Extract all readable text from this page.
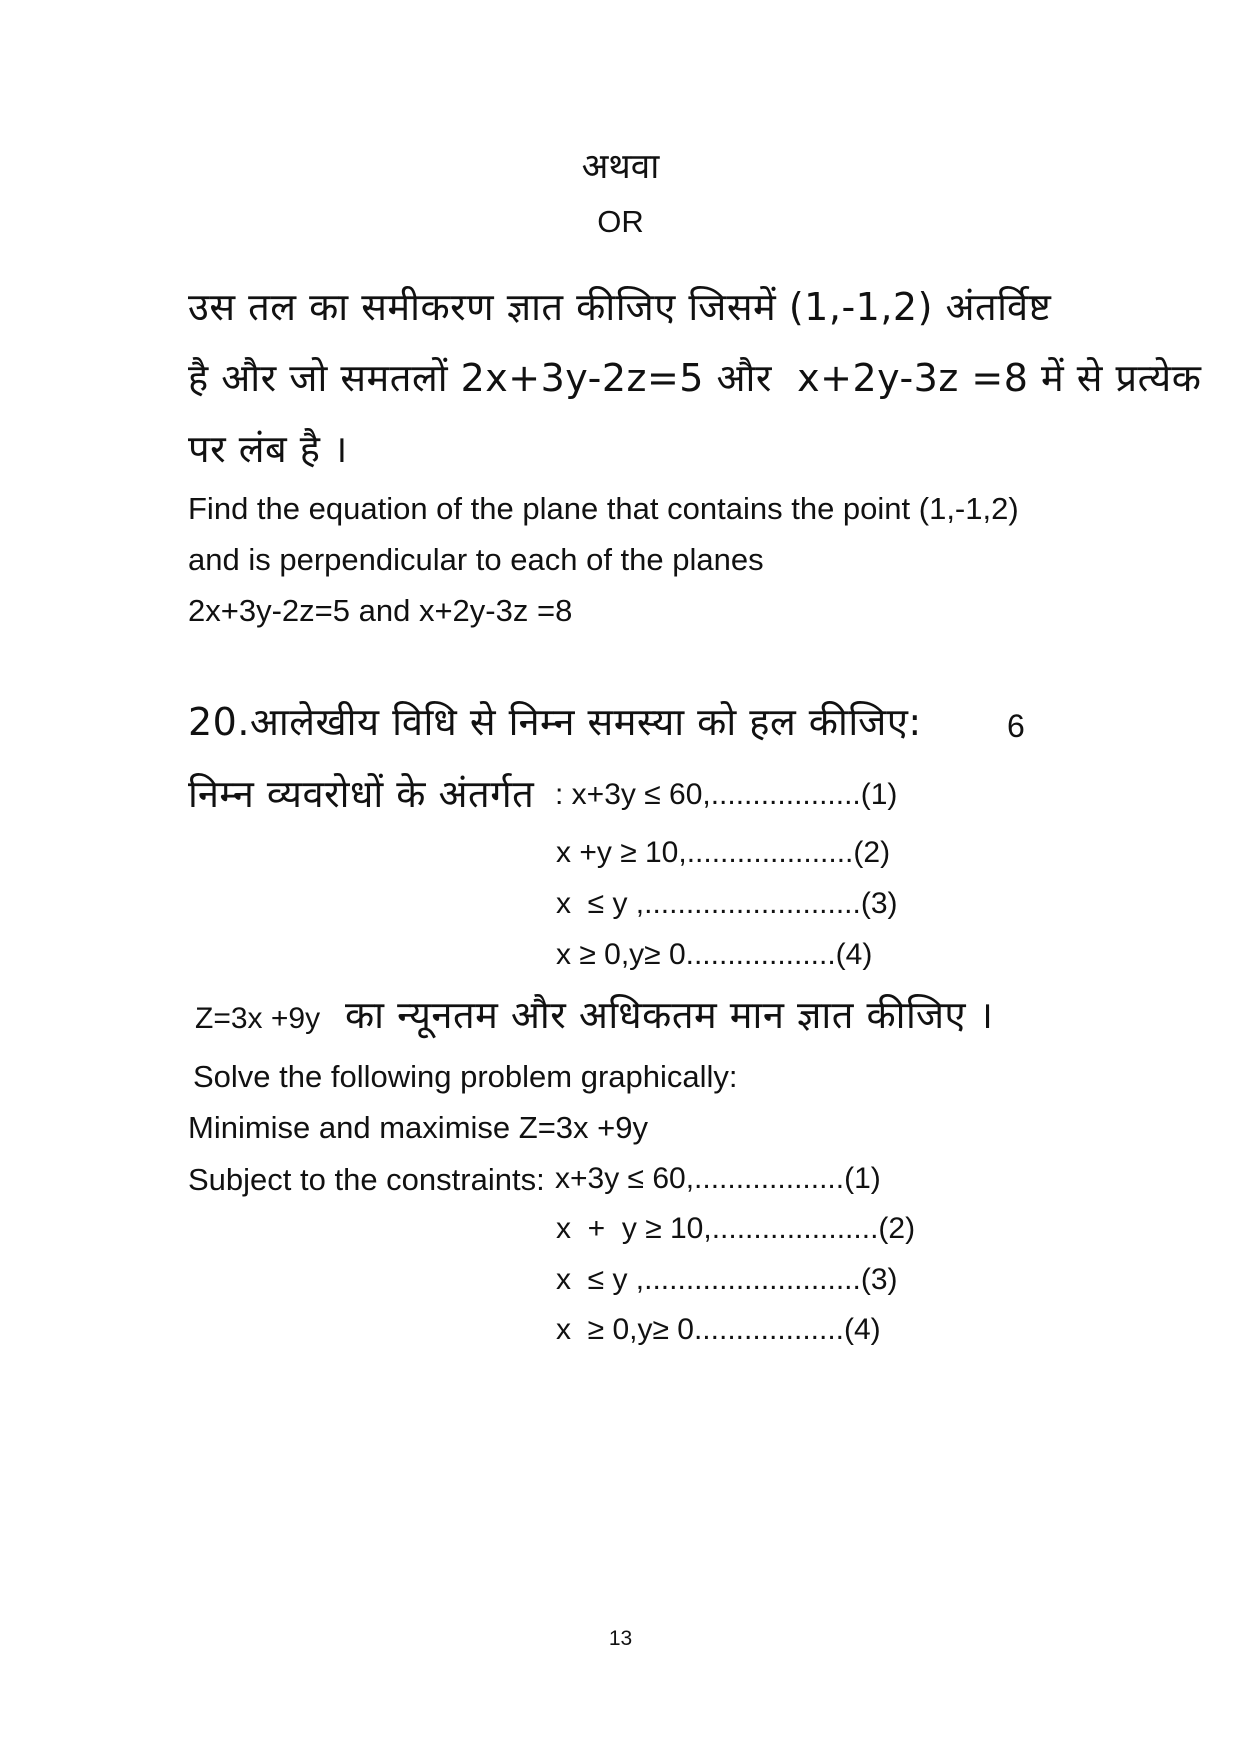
अथवा
OR
उस तल का समीकरण ज्ञात कीजिए जिसमें (1,-1,2) अंतर्विष्ट
है और जो समतलों 2x+3y-2z=5 और  x+2y-3z =8 में से प्रत्येक
पर लंब है ।
Find the equation of the plane that contains the point (1,-1,2)
and is perpendicular to each of the planes
2x+3y-2z=5 and x+2y-3z =8
20.आलेखीय विधि से निम्न समस्या को हल कीजिए:	6
निम्न व्यवरोधों के अंतर्गत : x+3y ≤ 60,..................(1)
x +y ≥ 10,....................(2)
x  ≤ y ,..........................(3)
x ≥ 0,y≥ 0..................(4)
Z=3x +9y का न्यूनतम और अधिकतम मान ज्ञात कीजिए ।
Solve the following problem graphically:
Minimise and maximise Z=3x +9y
Subject to the constraints: x+3y ≤ 60,..................(1)
x  +  y ≥ 10,....................(2)
x  ≤ y ,..........................(3)
x  ≥ 0,y≥ 0..................(4)
13
